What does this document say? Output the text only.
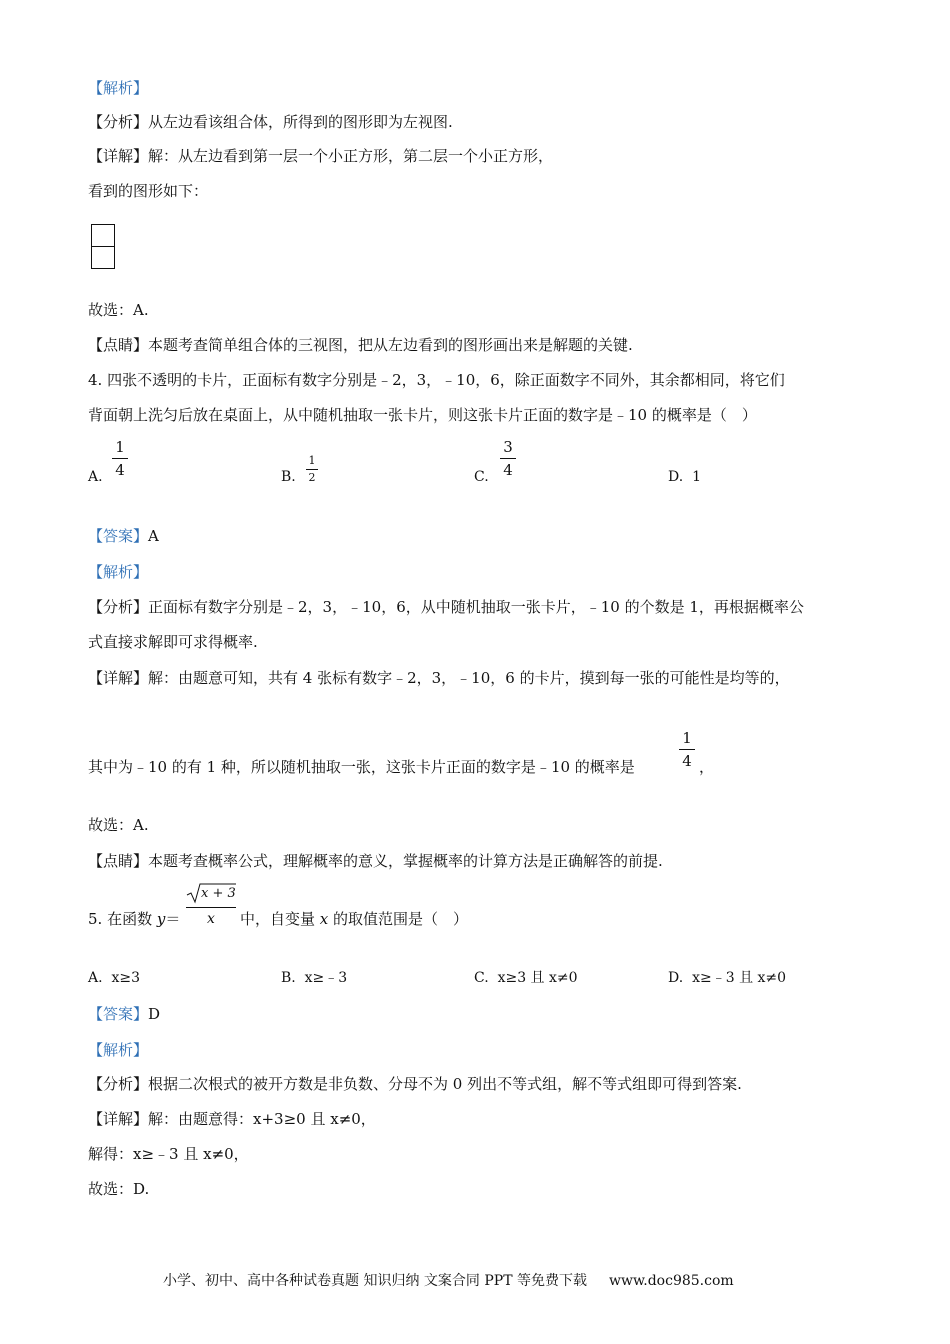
【解析】
【分析】从左边看该组合体，所得到的图形即为左视图.
【详解】解：从左边看到第一层一个小正方形，第二层一个小正方形，
看到的图形如下：
故选：A.
【点睛】本题考查简单组合体的三视图，把从左边看到的图形画出来是解题的关键.
4. 四张不透明的卡片，正面标有数字分别是﹣2，3，﹣10，6，除正面数字不同外，其余都相同，将它们
背面朝上洗匀后放在桌面上，从中随机抽取一张卡片，则这张卡片正面的数字是﹣10 的概率是（　）
A.
1
4	B.
1
2	C.
3
4	D. 1
【答案】A
【解析】
【分析】正面标有数字分别是﹣2，3，﹣10，6，从中随机抽取一张卡片，﹣10 的个数是 1，再根据概率公
式直接求解即可求得概率.
【详解】解：由题意可知，共有 4 张标有数字﹣2，3，﹣10，6 的卡片，摸到每一张的可能性是均等的，
其中为﹣10 的有 1 种，所以随机抽取一张，这张卡片正面的数字是﹣10 的概率是
1
4 ，
故选：A.
【点睛】本题考查概率公式，理解概率的意义，掌握概率的计算方法是正确解答的前提.
5. 在函数 y＝
x + 3
x	中，自变量 x 的取值范围是（　）
A. x≥3	B. x≥﹣3	C. x≥3 且 x≠0	D. x≥﹣3 且 x≠0
【答案】D
【解析】
【分析】根据二次根式的被开方数是非负数、分母不为 0 列出不等式组，解不等式组即可得到答案.
【详解】解：由题意得：x+3≥0 且 x≠0，
解得：x≥﹣3 且 x≠0，
故选：D.
小学、初中、高中各种试卷真题 知识归纳 文案合同 PPT 等免费下载 www.doc985.com
